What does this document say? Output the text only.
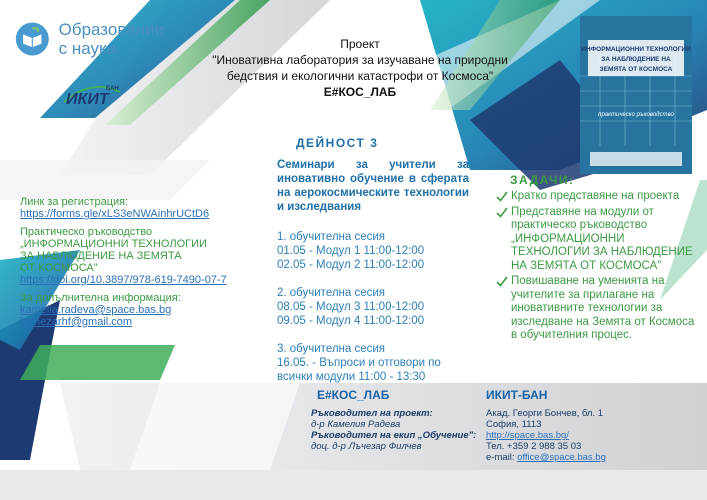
Образование
с наука
ИКИТ
БАН
Проект
"Иновативна лаборатория за изучаване на природни
бедствия и екологични катастрофи от Космоса"
Е#КОС_ЛАБ
ИНФОРМАЦИОННИ ТЕХНОЛОГИИ
ЗА НАБЛЮДЕНИЕ НА
ЗЕМЯТА ОТ КОСМОСА
практическо ръководство
ДЕЙНОСТ 3
Семинари за учители за иновативно обучение в сферата на аерокосмическите технологии и изследвания
1. обучителна сесия
01.05 - Модул 1 11:00-12:00
02.05 - Модул 2 11:00-12:00
2. обучителна сесия
08.05 - Модул 3 11:00-12:00
09.05 - Модул 4 11:00-12:00
3. обучителна сесия
16.05. - Въпроси и отговори по
всички модули 11:00 - 13:30
Линк за регистрация:
https://forms.gle/xLS3eNWAinhrUCtD6
Практическо ръководство
„ИНФОРМАЦИОННИ ТЕХНОЛОГИИ
ЗА НАБЛЮДЕНИЕ НА ЗЕМЯТА
ОТ КОСМОСА"
https://doi.org/10.3897/978-619-7490-07-7
За допълнителна информация:
kamelia.radeva@space.bas.bg
lachezarhf@gmail.com
ЗАДАЧИ:
Кратко представяне на проекта
Представяне на модули от практическо ръководство „ИНФОРМАЦИОННИ ТЕХНОЛОГИИ ЗА НАБЛЮДЕНИЕ НА ЗЕМЯТА ОТ КОСМОСА"
Повишаване на уменията на учителите за прилагане на иновативните технологии за изследване на Земята от Космоса в обучителния процес.
Е#КОС_ЛАБ
Ръководител на проект:
д-р Камелия Радева
Ръководител на екип „Обучение":
доц. д-р Лъчезар Филчев
ИКИТ-БАН
Акад. Георги Бончев, бл. 1
София, 1113
http://space.bas.bg/
Тел. +359 2 988 35 03
e-mail: office@space.bas.bg
